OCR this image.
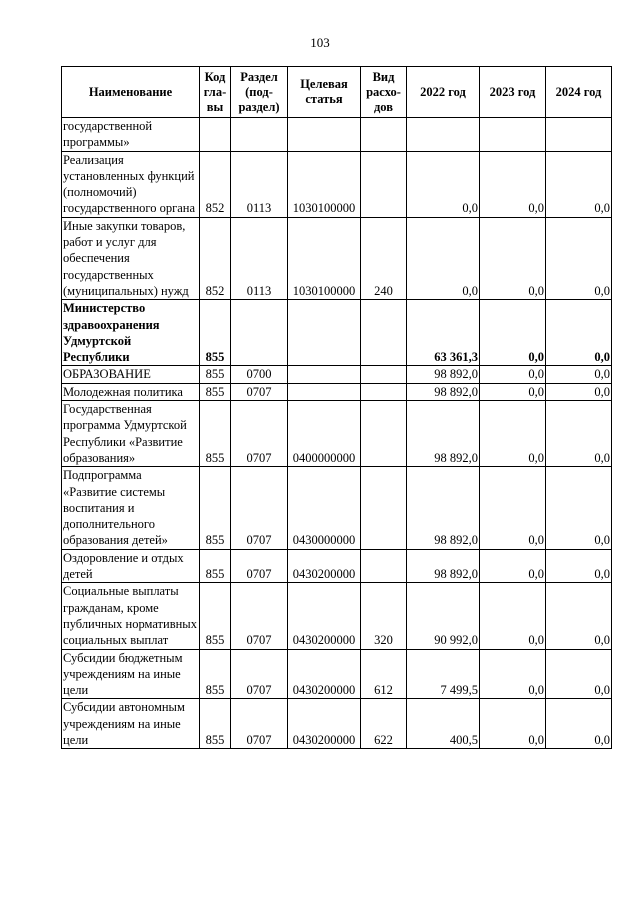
103
Наименование	Код гла- вы	Раздел (под- раздел)	Целевая статья	Вид расхо- дов	2022 год	2023 год	2024 год
государственной программы»							
Реализация установленных функций (полномочий) государственного органа	852	0113	1030100000		0,0	0,0	0,0
Иные закупки товаров, работ и услуг для обеспечения государственных (муниципальных) нужд	852	0113	1030100000	240	0,0	0,0	0,0
Министерство здравоохранения Удмуртской Республики	855				63 361,3	0,0	0,0
ОБРАЗОВАНИЕ	855	0700			98 892,0	0,0	0,0
Молодежная политика	855	0707			98 892,0	0,0	0,0
Государственная программа Удмуртской Республики «Развитие образования»	855	0707	0400000000		98 892,0	0,0	0,0
Подпрограмма «Развитие системы воспитания и дополнительного образования детей»	855	0707	0430000000		98 892,0	0,0	0,0
Оздоровление и отдых детей	855	0707	0430200000		98 892,0	0,0	0,0
Социальные выплаты гражданам, кроме публичных нормативных социальных выплат	855	0707	0430200000	320	90 992,0	0,0	0,0
Субсидии бюджетным учреждениям на иные цели	855	0707	0430200000	612	7 499,5	0,0	0,0
Субсидии автономным учреждениям на иные цели	855	0707	0430200000	622	400,5	0,0	0,0
